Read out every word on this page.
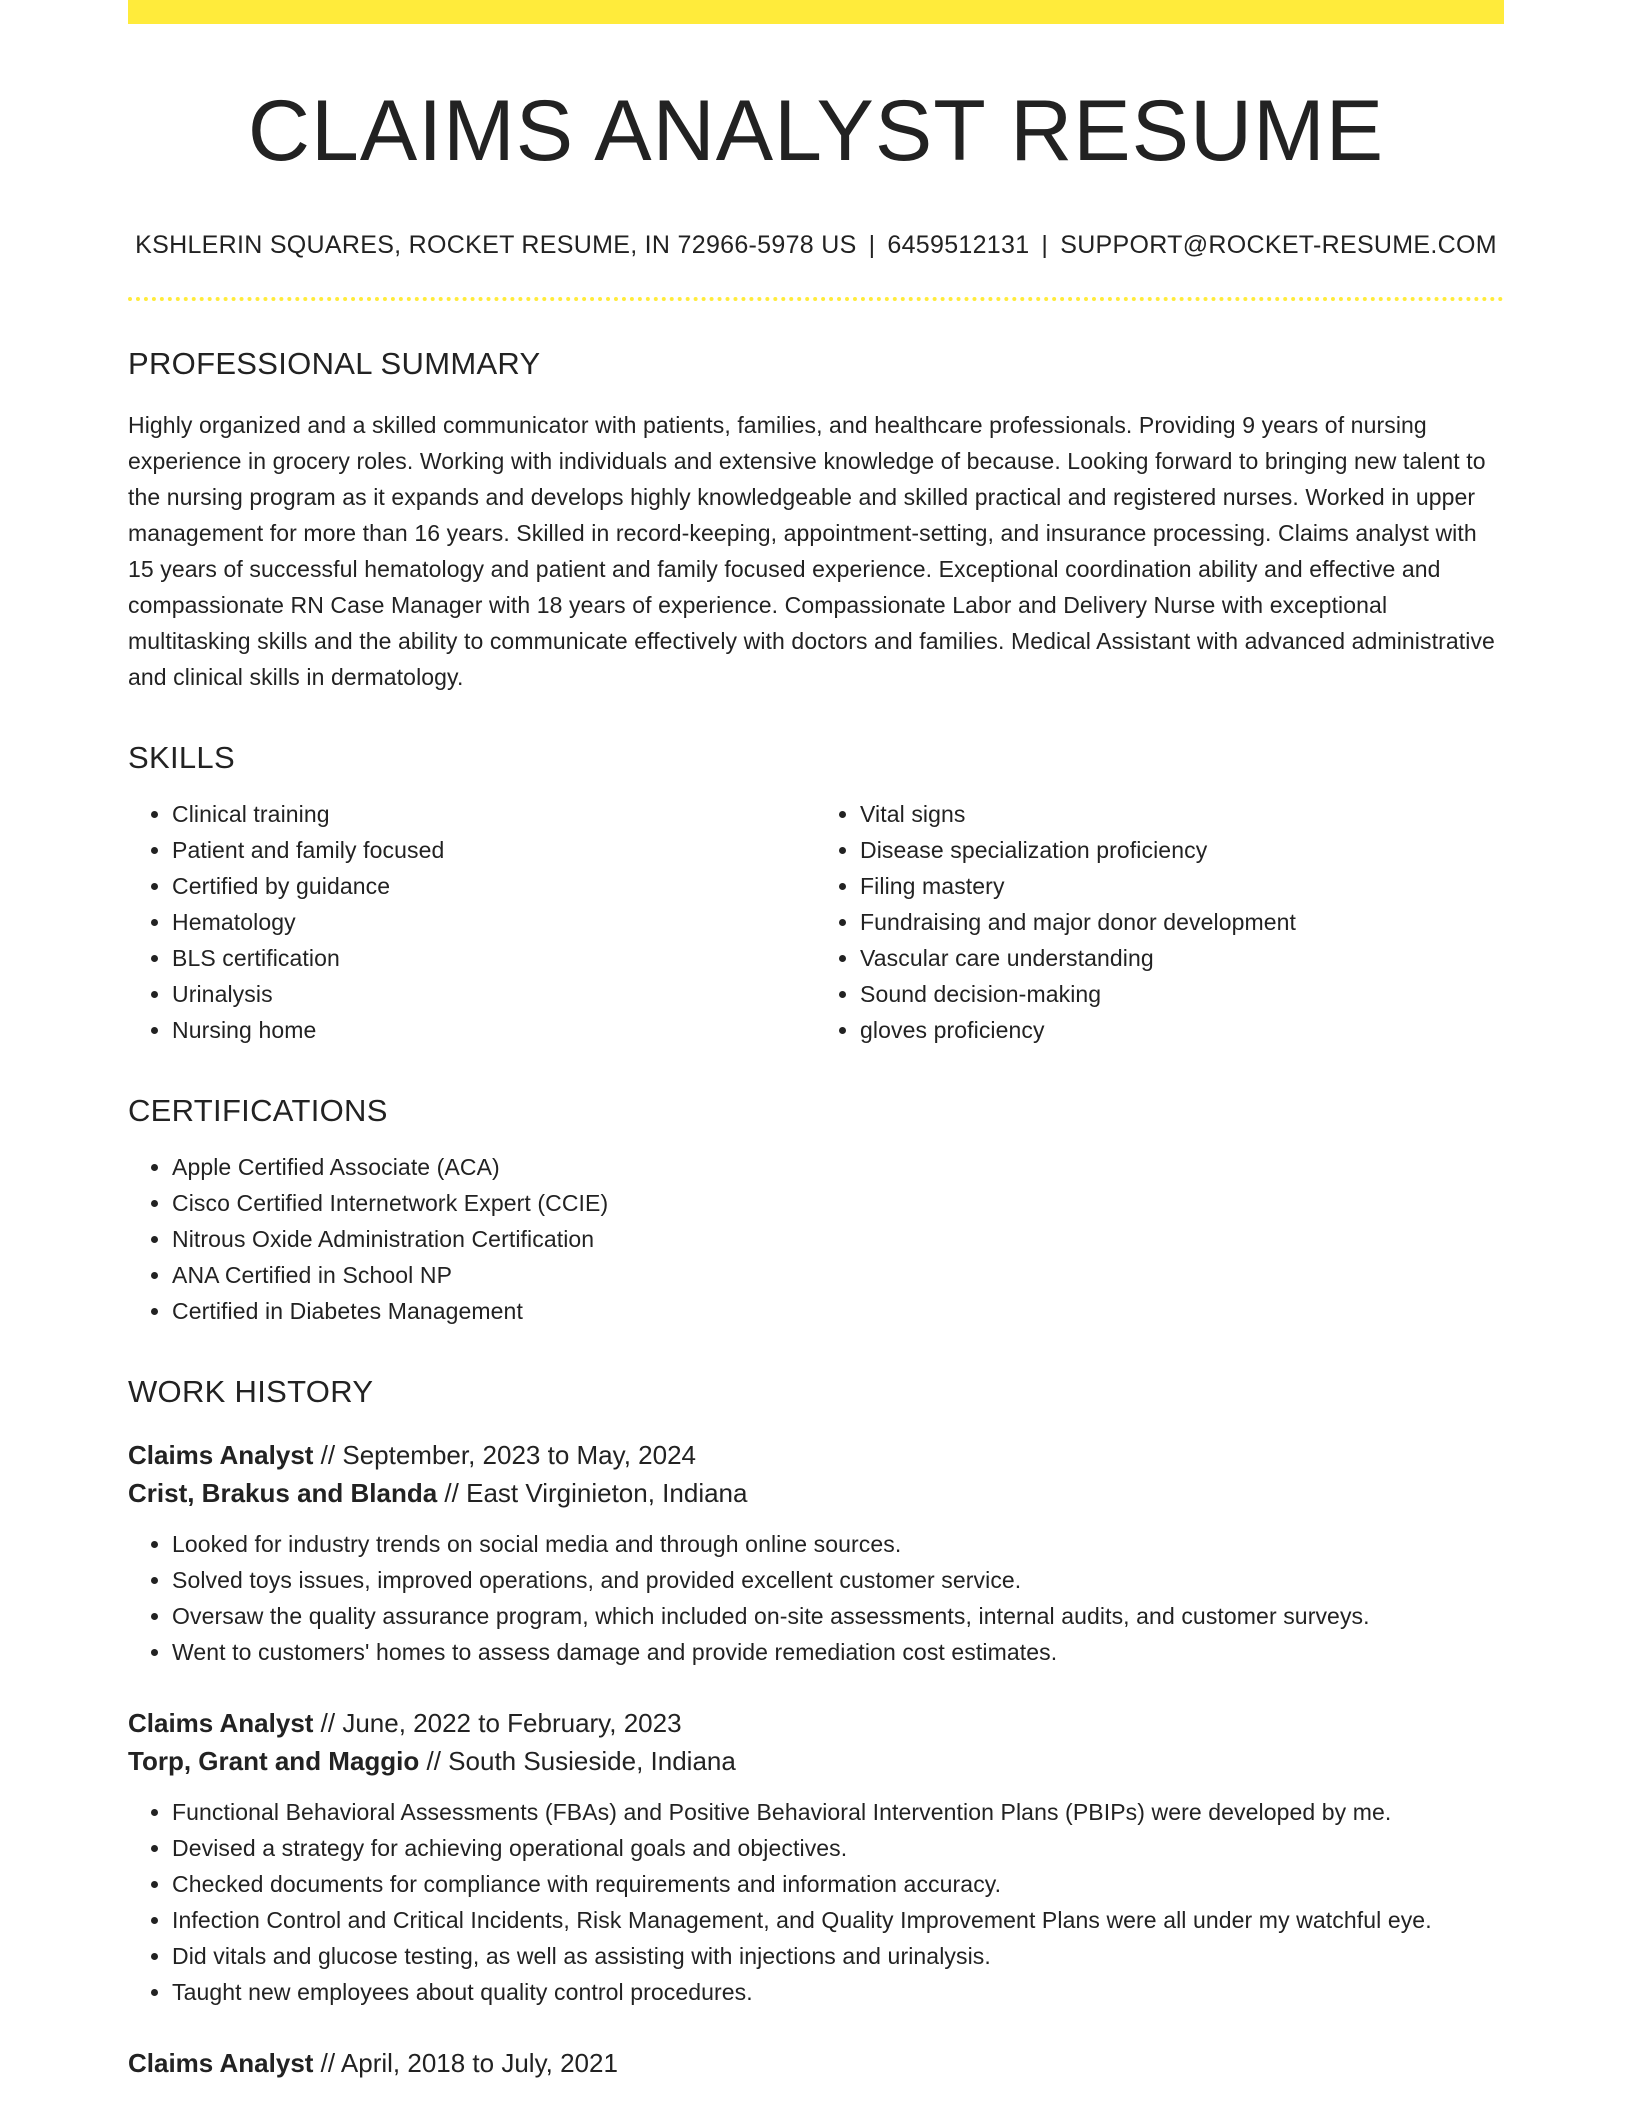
CLAIMS ANALYST RESUME
KSHLERIN SQUARES, ROCKET RESUME, IN 72966-5978 US | 6459512131 | SUPPORT@ROCKET-RESUME.COM
PROFESSIONAL SUMMARY
Highly organized and a skilled communicator with patients, families, and healthcare professionals. Providing 9 years of nursing experience in grocery roles. Working with individuals and extensive knowledge of because. Looking forward to bringing new talent to the nursing program as it expands and develops highly knowledgeable and skilled practical and registered nurses. Worked in upper management for more than 16 years. Skilled in record-keeping, appointment-setting, and insurance processing. Claims analyst with 15 years of successful hematology and patient and family focused experience. Exceptional coordination ability and effective and compassionate RN Case Manager with 18 years of experience. Compassionate Labor and Delivery Nurse with exceptional multitasking skills and the ability to communicate effectively with doctors and families. Medical Assistant with advanced administrative and clinical skills in dermatology.
SKILLS
• Clinical training
• Patient and family focused
• Certified by guidance
• Hematology
• BLS certification
• Urinalysis
• Nursing home
• Vital signs
• Disease specialization proficiency
• Filing mastery
• Fundraising and major donor development
• Vascular care understanding
• Sound decision-making
• gloves proficiency
CERTIFICATIONS
• Apple Certified Associate (ACA)
• Cisco Certified Internetwork Expert (CCIE)
• Nitrous Oxide Administration Certification
• ANA Certified in School NP
• Certified in Diabetes Management
WORK HISTORY
Claims Analyst // September, 2023 to May, 2024
Crist, Brakus and Blanda // East Virginieton, Indiana
• Looked for industry trends on social media and through online sources.
• Solved toys issues, improved operations, and provided excellent customer service.
• Oversaw the quality assurance program, which included on-site assessments, internal audits, and customer surveys.
• Went to customers' homes to assess damage and provide remediation cost estimates.
Claims Analyst // June, 2022 to February, 2023
Torp, Grant and Maggio // South Susieside, Indiana
• Functional Behavioral Assessments (FBAs) and Positive Behavioral Intervention Plans (PBIPs) were developed by me.
• Devised a strategy for achieving operational goals and objectives.
• Checked documents for compliance with requirements and information accuracy.
• Infection Control and Critical Incidents, Risk Management, and Quality Improvement Plans were all under my watchful eye.
• Did vitals and glucose testing, as well as assisting with injections and urinalysis.
• Taught new employees about quality control procedures.
Claims Analyst // April, 2018 to July, 2021
